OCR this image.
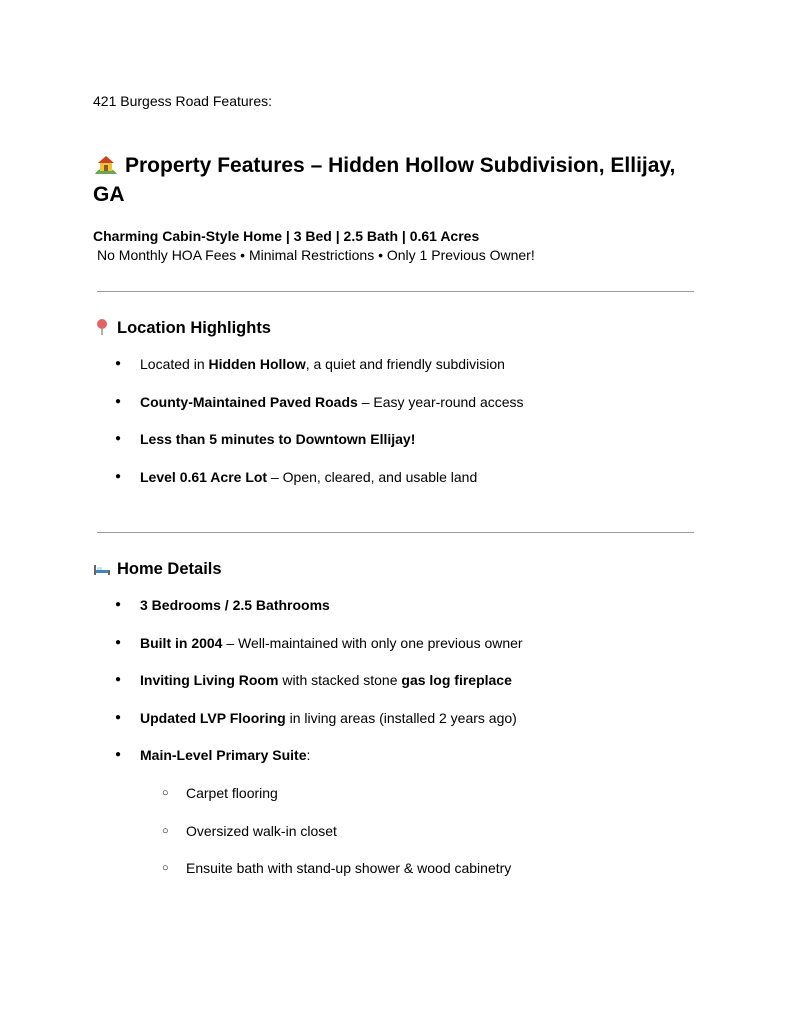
421 Burgess Road Features:

Property Features – Hidden Hollow Subdivision, Ellijay, GA

Charming Cabin-Style Home | 3 Bed | 2.5 Bath | 0.61 Acres

No Monthly HOA Fees • Minimal Restrictions • Only 1 Previous Owner!

Location Highlights
● Located in Hidden Hollow, a quiet and friendly subdivision
● County-Maintained Paved Roads – Easy year-round access
● Less than 5 minutes to Downtown Ellijay!
● Level 0.61 Acre Lot – Open, cleared, and usable land
Home Details
● 3 Bedrooms / 2.5 Bathrooms
● Built in 2004 – Well-maintained with only one previous owner
● Inviting Living Room with stacked stone gas log fireplace
● Updated LVP Flooring in living areas (installed 2 years ago)
● Main-Level Primary Suite:
○ Carpet flooring
○ Oversized walk-in closet
○ Ensuite bath with stand-up shower & wood cabinetry
